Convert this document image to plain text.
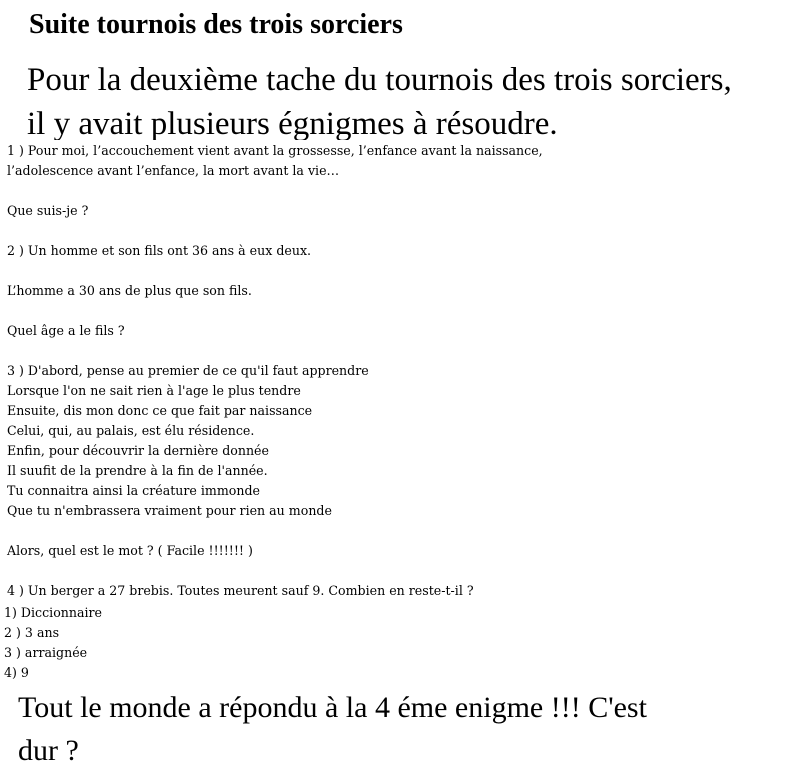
Suite tournois des trois sorciers
Pour la deuxième tache du tournois des trois sorciers,
il y avait plusieurs égnigmes à résoudre.
1 ) Pour moi, l’accouchement vient avant la grossesse, l’enfance avant la naissance,
l’adolescence avant l’enfance, la mort avant la vie…
Que suis-je ?
2 ) Un homme et son fils ont 36 ans à eux deux.
L’homme a 30 ans de plus que son fils.
Quel âge a le fils ?
3 ) D'abord, pense au premier de ce qu'il faut apprendre
Lorsque l'on ne sait rien à l'age le plus tendre
Ensuite, dis mon donc ce que fait par naissance
Celui, qui, au palais, est élu résidence.
Enfin, pour découvrir la dernière donnée
Il suufit de la prendre à la fin de l'année.
Tu connaitra ainsi la créature immonde
Que tu n'embrassera vraiment pour rien au monde
Alors, quel est le mot ? ( Facile !!!!!!! )
4 ) Un berger a 27 brebis. Toutes meurent sauf 9. Combien en reste-t-il ?
1) Diccionnaire
2 ) 3 ans
3 ) arraignée
4) 9
Tout le monde a répondu à la 4 éme enigme !!! C'est
dur ?
